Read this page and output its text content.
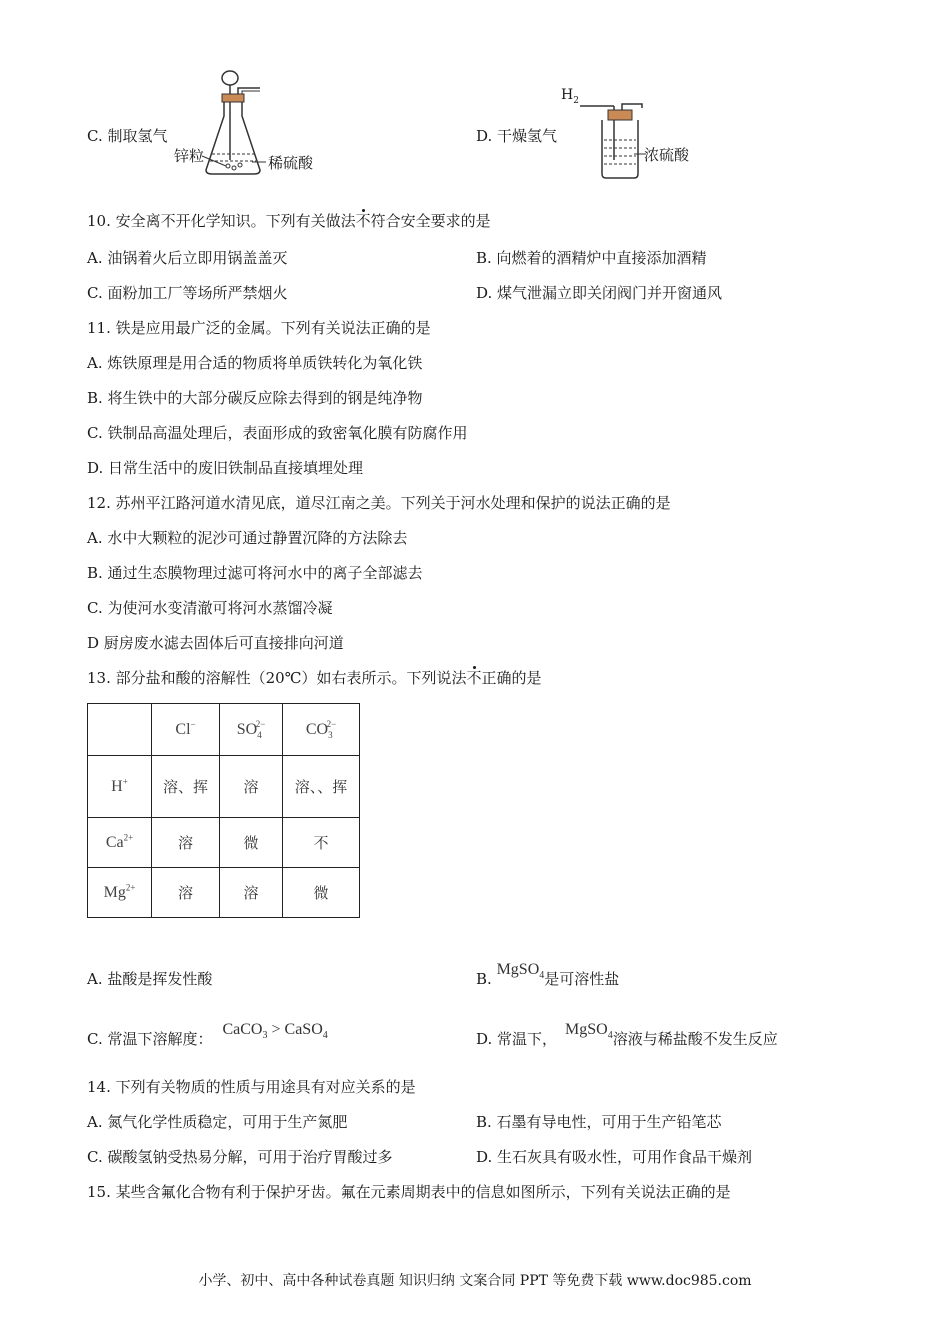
C. 制取氢气
锌粒	稀硫酸
D. 干燥氢气
$H_2$
浓硫酸
10. 安全离不开化学知识。下列有关做法不符合安全要求的是
A. 油锅着火后立即用锅盖盖灭	B. 向燃着的酒精炉中直接添加酒精
C. 面粉加工厂等场所严禁烟火	D. 煤气泄漏立即关闭阀门并开窗通风
11. 铁是应用最广泛的金属。下列有关说法正确的是
A. 炼铁原理是用合适的物质将单质铁转化为氧化铁
B. 将生铁中的大部分碳反应除去得到的钢是纯净物
C. 铁制品高温处理后，表面形成的致密氧化膜有防腐作用
D. 日常生活中的废旧铁制品直接填埋处理
12. 苏州平江路河道水清见底，道尽江南之美。下列关于河水处理和保护的说法正确的是
A. 水中大颗粒的泥沙可通过静置沉降的方法除去
B. 通过生态膜物理过滤可将河水中的离子全部滤去
C. 为使河水变清澈可将河水蒸馏冷凝
D 厨房废水滤去固体后可直接排向河道
13. 部分盐和酸的溶解性（20℃）如右表所示。下列说法不正确的是
	Cl−	$SO_4^{2-}$	$CO_3^{2-}$
H+	溶、挥	溶	溶、、挥
$Ca^{2+}$	溶	微	不
$Mg^{2+}$	溶	溶	微
A. 盐酸是挥发性酸	B. MgSO$_4$是可溶性盐
C. 常温下溶解度：CaCO$_3$ > CaSO$_4$	D. 常温下，MgSO$_4$溶液与稀盐酸不发生反应
14. 下列有关物质的性质与用途具有对应关系的是
A. 氮气化学性质稳定，可用于生产氮肥	B. 石墨有导电性，可用于生产铅笔芯
C. 碳酸氢钠受热易分解，可用于治疗胃酸过多	D. 生石灰具有吸水性，可用作食品干燥剂
15. 某些含氟化合物有利于保护牙齿。氟在元素周期表中的信息如图所示，下列有关说法正确的是
小学、初中、高中各种试卷真题 知识归纳 文案合同 PPT 等免费下载 www.doc985.com
